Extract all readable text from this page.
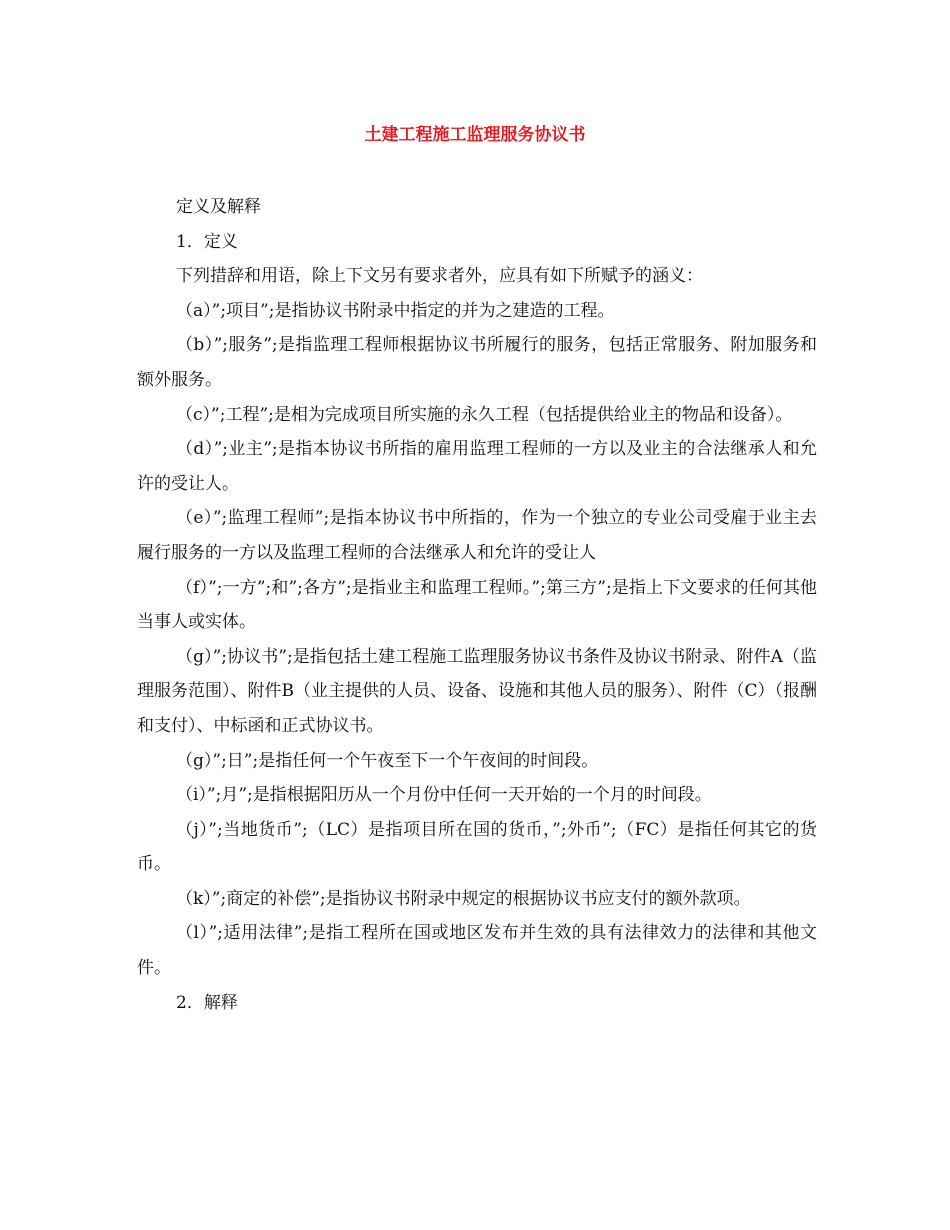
土建工程施工监理服务协议书

定义及解释

1．定义

下列措辞和用语，除上下文另有要求者外，应具有如下所赋予的涵义：

（a）”;项目”;是指协议书附录中指定的并为之建造的工程。

（b）”;服务”;是指监理工程师根据协议书所履行的服务，包括正常服务、附加服务和额外服务。

（c）”;工程”;是相为完成项目所实施的永久工程（包括提供给业主的物品和设备）。

（d）”;业主”;是指本协议书所指的雇用监理工程师的一方以及业主的合法继承人和允许的受让人。

（e）”;监理工程师”;是指本协议书中所指的，作为一个独立的专业公司受雇于业主去履行服务的一方以及监理工程师的合法继承人和允许的受让人

（f）”;一方”;和”;各方”;是指业主和监理工程师。”;第三方”;是指上下文要求的任何其他当事人或实体。

（g）”;协议书”;是指包括土建工程施工监理服务协议书条件及协议书附录、附件A（监理服务范围）、附件B（业主提供的人员、设备、设施和其他人员的服务）、附件（C）（报酬和支付）、中标函和正式协议书。

（g）”;日”;是指任何一个午夜至下一个午夜间的时间段。

（i）”;月”;是指根据阳历从一个月份中任何一天开始的一个月的时间段。

（j）”;当地货币”;（LC）是指项目所在国的货币，”;外币”;（FC）是指任何其它的货币。

（k）”;商定的补偿”;是指协议书附录中规定的根据协议书应支付的额外款项。

（l）”;适用法律”;是指工程所在国或地区发布并生效的具有法律效力的法律和其他文件。

2．解释
